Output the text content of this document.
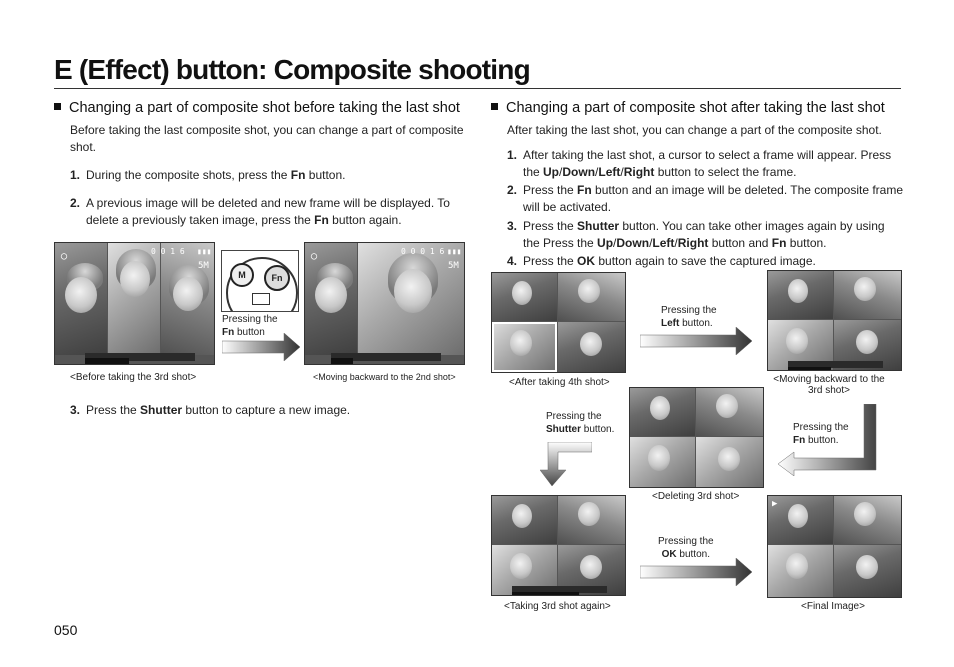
E (Effect) button: Composite shooting
Changing a part of composite shot before taking the last shot
Before taking the last composite shot, you can change a part of composite
shot.
1. During the composite shots, press the Fn button.
2. A previous image will be deleted and new frame will be displayed. To
delete a previously taken image, press the Fn button again.
0 0 1 6 ▮▮▮
5M
◯
M	Fn
Pressing the
Fn button
0 0 0 1 6 ▮▮▮
5M
◯
<Before taking the 3rd shot>	<Moving backward to the 2nd shot>
3. Press the Shutter button to capture a new image.
Changing a part of composite shot after taking the last shot
After taking the last shot, you can change a part of the composite shot.
1. After taking the last shot, a cursor to select a frame will appear. Press
the Up/Down/Left/Right button to select the frame.
2. Press the Fn button and an image will be deleted. The composite frame
will be activated.
3. Press the Shutter button. You can take other images again by using
the Press the Up/Down/Left/Right button and Fn button.
4. Press the OK button again to save the captured image.
<After taking 4th shot>
Pressing the
Left button.
<Moving backward to the
3rd shot>
Pressing the
Fn button.
<Deleting 3rd shot>
Pressing the
Shutter button.
<Taking 3rd shot again>
Pressing the
OK button.
▶
<Final Image>
050
